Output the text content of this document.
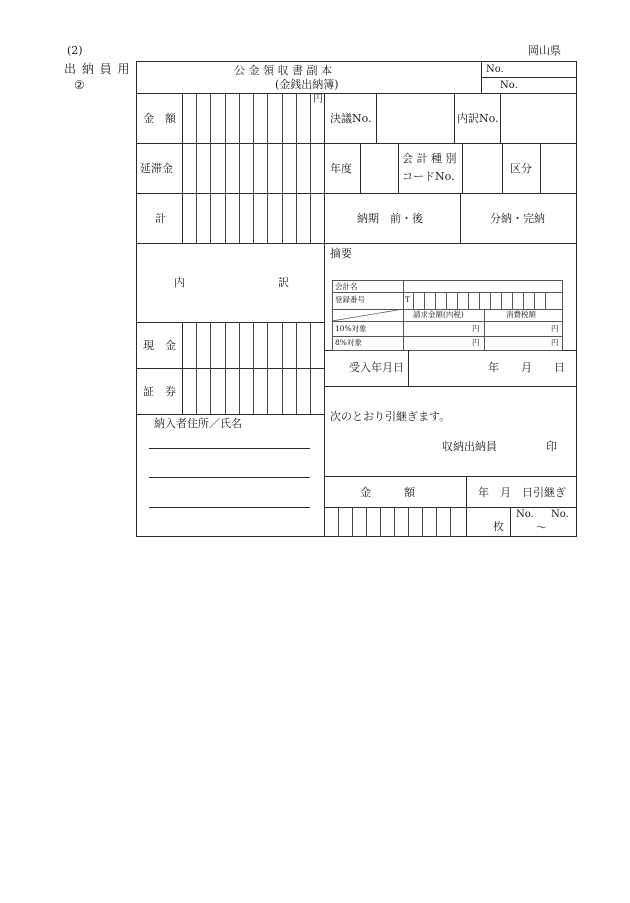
(2)	岡山県
出 納 員 用
②
公 金 領 収 書 副 本
(金銭出納簿)
No.
No.
円
金　額
延滞金
計
内	訳
現　金
証　券
納入者住所／氏名
決議No.	内訳No.
年度
会 計 種 別
コードNo.
区分
納期　前・後	分納・完納
摘要
会計名
登録番号	T
請求金額(内税)	消費税額
10%対象	円	円
8%対象	円	円
受入年月日	年　　月　　日
次のとおり引継ぎます。
収納出納員	印
金　　　額	年　月　日引継ぎ
枚
No. No.
～
